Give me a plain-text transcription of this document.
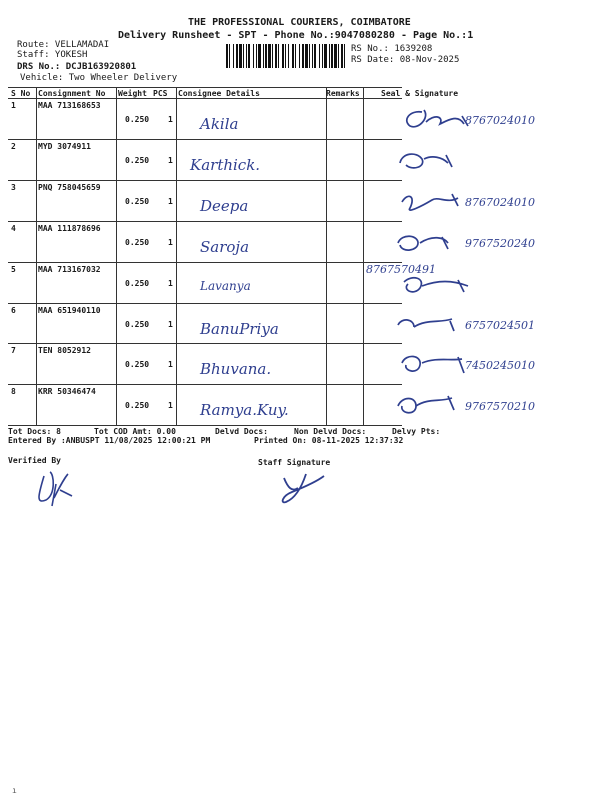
THE PROFESSIONAL COURIERS, COIMBATORE
Delivery Runsheet - SPT - Phone No.:9047080280 - Page No.:1
Route: VELLAMADAI
Staff: YOKESH
DRS No.: DCJB163920801
Vehicle: Two Wheeler Delivery
RS No.: 1639208
RS Date: 08-Nov-2025
S No Consignment No Weight PCS Consignee Details	Remarks	Seal & Signature
1	MAA 713168653
0.250 1 Akila	8767024010
2	MYD 3074911
0.250 1 Karthick.
3	PNQ 758045659
0.250 1 Deepa	8767024010
4	MAA 111878696
0.250 1 Saroja	9767520240
5	MAA 713167032
0.250 1 Lavanya
8767570491
6	MAA 651940110
0.250 1 BanuPriya	6757024501
7	TEN 8052912
0.250 1 Bhuvana.	7450245010
8	KRR 50346474
0.250 1 Ramya.Kuy.	9767570210
Tot Docs: 8	Tot COD Amt: 0.00	Delvd Docs:	Non Delvd Docs:	Delvy Pts:
Entered By :ANBUSPT 11/08/2025 12:00:21 PM	Printed On: 08-11-2025 12:37:32
Verified By	Staff Signature
ı
